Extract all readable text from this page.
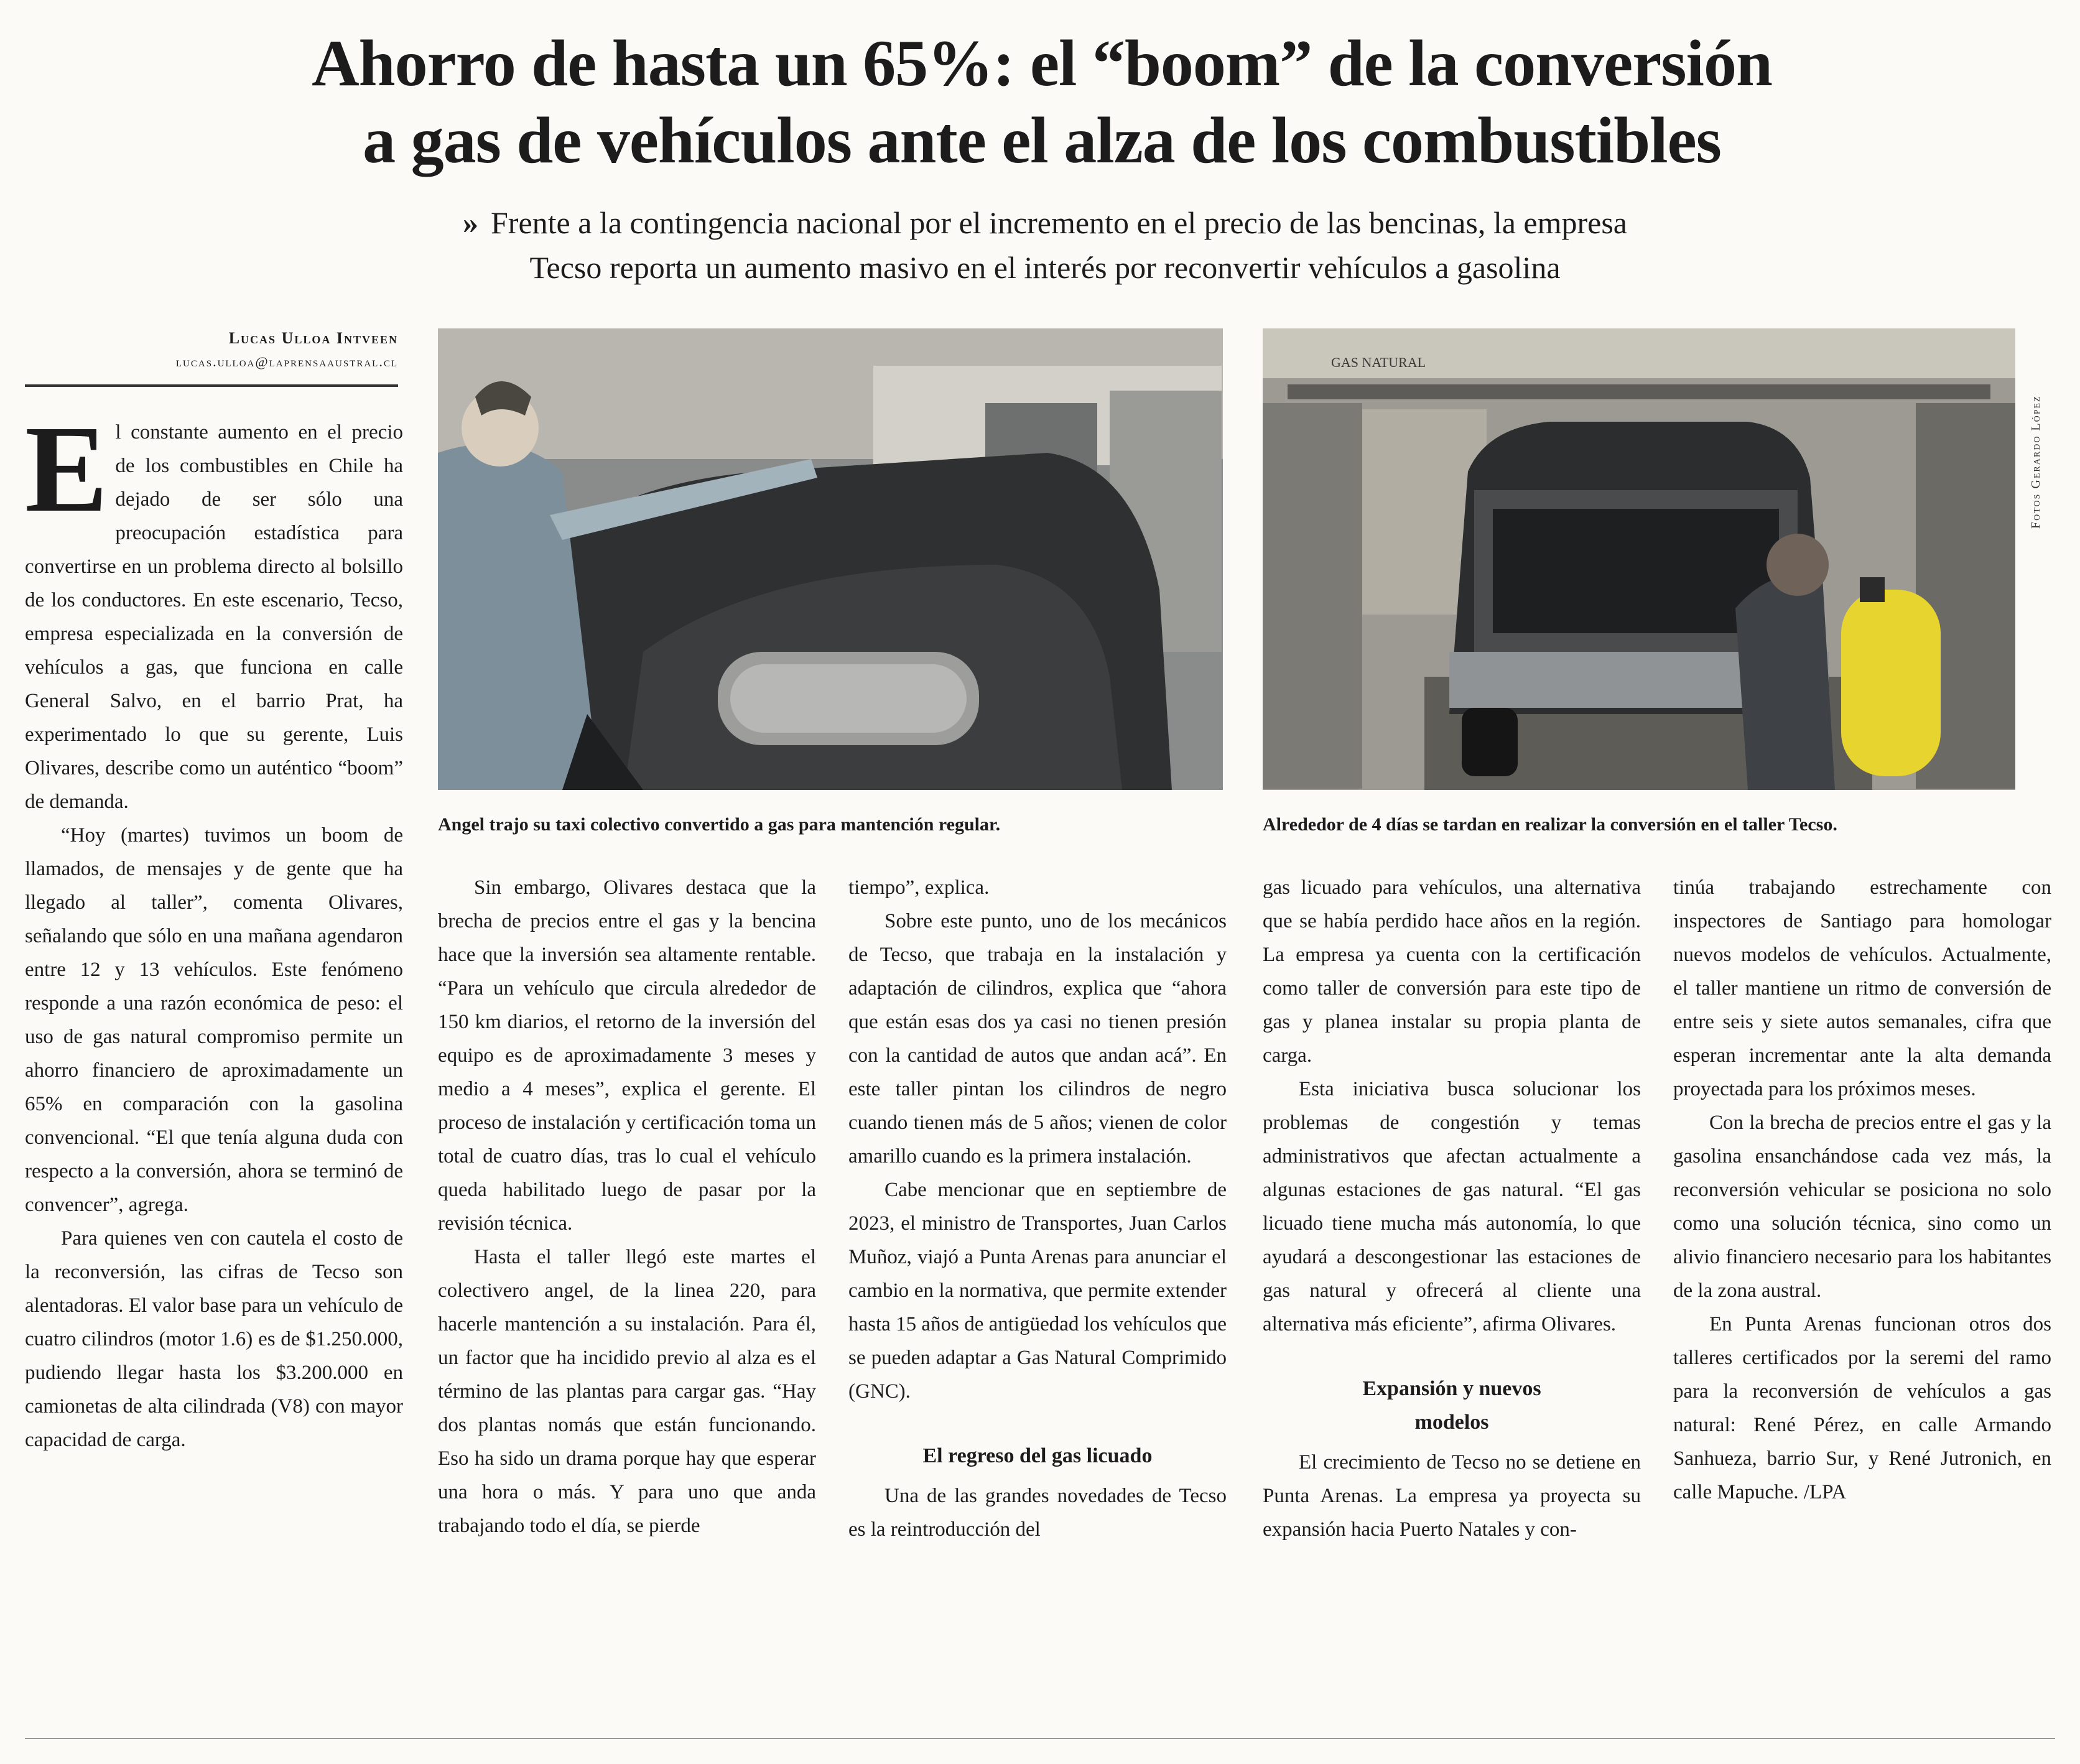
Ahorro de hasta un 65%: el “boom” de la conversión
a gas de vehículos ante el alza de los combustibles

» Frente a la contingencia nacional por el incremento en el precio de las bencinas, la empresa
Tecso reporta un aumento masivo en el interés por reconvertir vehículos a gasolina

Lucas Ulloa Intveen
lucas.ulloa@laprensaaustral.cl

Angel trajo su taxi colectivo convertido a gas para mantención regular.

GAS NATURAL

Alrededor de 4 días se tardan en realizar la conversión en el taller Tecso.

Fotos Gerardo López
E l constante aumento en el precio de los combustibles en Chile ha dejado de ser sólo una preocupación estadística para convertirse en un problema directo al bolsillo de los conductores. En este escenario, Tecso, empresa especializada en la conversión de vehículos a gas, que funciona en calle General Salvo, en el barrio Prat, ha experimentado lo que su gerente, Luis Olivares, describe como un auténtico “boom” de demanda.

“Hoy (martes) tuvimos un boom de llamados, de mensajes y de gente que ha llegado al taller”, comenta Olivares, señalando que sólo en una mañana agendaron entre 12 y 13 vehículos. Este fenómeno responde a una razón económica de peso: el uso de gas natural compromiso permite un ahorro financiero de aproximadamente un 65% en comparación con la gasolina convencional. “El que tenía alguna duda con respecto a la conversión, ahora se terminó de convencer”, agrega.

Para quienes ven con cautela el costo de la reconversión, las cifras de Tecso son alentadoras. El valor base para un vehículo de cuatro cilindros (motor 1.6) es de $1.250.000, pudiendo llegar hasta los $3.200.000 en camionetas de alta cilindrada (V8) con mayor capacidad de carga.

Sin embargo, Olivares destaca que la brecha de precios entre el gas y la bencina hace que la inversión sea altamente rentable. “Para un vehículo que circula alrededor de 150 km diarios, el retorno de la inversión del equipo es de aproximadamente 3 meses y medio a 4 meses”, explica el gerente. El proceso de instalación y certificación toma un total de cuatro días, tras lo cual el vehículo queda habilitado luego de pasar por la revisión técnica.

Hasta el taller llegó este martes el colectivero angel, de la linea 220, para hacerle mantención a su instalación. Para él, un factor que ha incidido previo al alza es el término de las plantas para cargar gas. “Hay dos plantas nomás que están funcionando. Eso ha sido un drama porque hay que esperar una hora o más. Y para uno que anda trabajando todo el día, se pierde

tiempo”, explica.

Sobre este punto, uno de los mecánicos de Tecso, que trabaja en la instalación y adaptación de cilindros, explica que “ahora que están esas dos ya casi no tienen presión con la cantidad de autos que andan acá”. En este taller pintan los cilindros de negro cuando tienen más de 5 años; vienen de color amarillo cuando es la primera instalación.

Cabe mencionar que en septiembre de 2023, el ministro de Transportes, Juan Carlos Muñoz, viajó a Punta Arenas para anunciar el cambio en la normativa, que permite extender hasta 15 años de antigüedad los vehículos que se pueden adaptar a Gas Natural Comprimido (GNC).

El regreso del gas licuado

Una de las grandes novedades de Tecso es la reintroducción del

gas licuado para vehículos, una alternativa que se había perdido hace años en la región. La empresa ya cuenta con la certificación como taller de conversión para este tipo de gas y planea instalar su propia planta de carga.

Esta iniciativa busca solucionar los problemas de congestión y temas administrativos que afectan actualmente a algunas estaciones de gas natural. “El gas licuado tiene mucha más autonomía, lo que ayudará a descongestionar las estaciones de gas natural y ofrecerá al cliente una alternativa más eficiente”, afirma Olivares.

Expansión y nuevos modelos

El crecimiento de Tecso no se detiene en Punta Arenas. La empresa ya proyecta su expansión hacia Puerto Natales y con-

tinúa trabajando estrechamente con inspectores de Santiago para homologar nuevos modelos de vehículos. Actualmente, el taller mantiene un ritmo de conversión de entre seis y siete autos semanales, cifra que esperan incrementar ante la alta demanda proyectada para los próximos meses.

Con la brecha de precios entre el gas y la gasolina ensanchándose cada vez más, la reconversión vehicular se posiciona no solo como una solución técnica, sino como un alivio financiero necesario para los habitantes de la zona austral.

En Punta Arenas funcionan otros dos talleres certificados por la seremi del ramo para la reconversión de vehículos a gas natural: René Pérez, en calle Armando Sanhueza, barrio Sur, y René Jutronich, en calle Mapuche. /LPA
